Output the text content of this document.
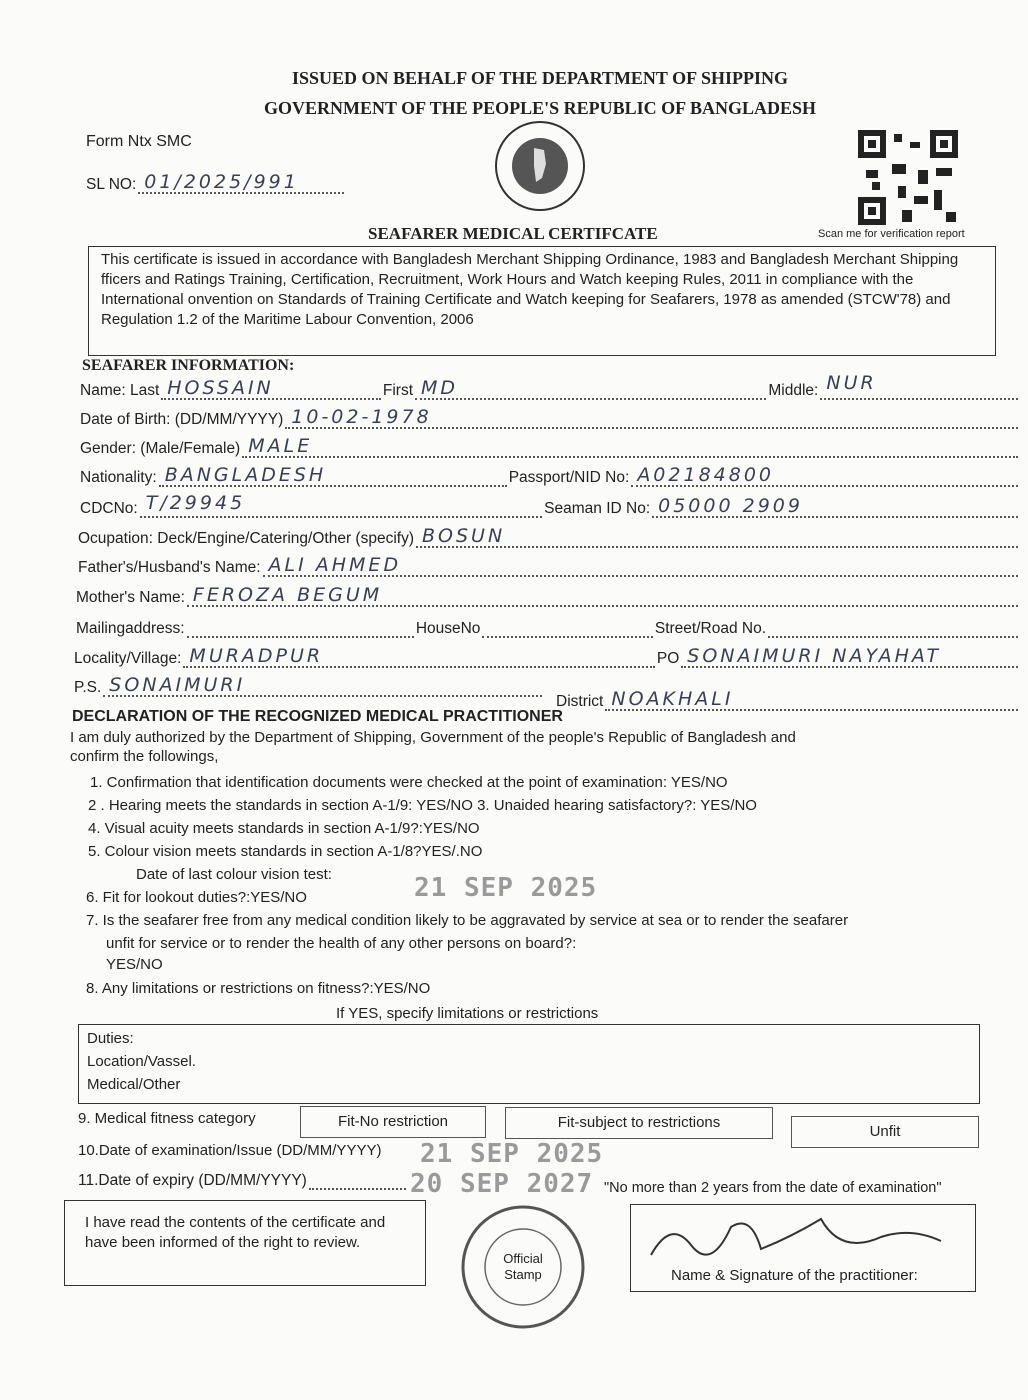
ISSUED ON BEHALF OF THE DEPARTMENT OF SHIPPING
GOVERNMENT OF THE PEOPLE'S REPUBLIC OF BANGLADESH
Form Ntx SMC
SL NO: 01/2025/991
Scan me for verification report
SEAFARER MEDICAL CERTIFCATE
This certificate is issued in accordance with Bangladesh Merchant Shipping Ordinance, 1983 and Bangladesh Merchant Shipping fficers and Ratings Training, Certification, Recruitment, Work Hours and Watch keeping Rules, 2011 in compliance with the International onvention on Standards of Training Certificate and Watch keeping for Seafarers, 1978 as amended (STCW'78) and Regulation 1.2 of the Maritime Labour Convention, 2006
SEAFARER INFORMATION:
Name: Last HOSSAIN	First MD	Middle: NUR
Date of Birth: (DD/MM/YYYY) 10-02-1978
Gender: (Male/Female) MALE
Nationality: BANGLADESH	Passport/NID No: A02184800
CDCNo: T/29945	Seaman ID No: 05000 2909
Ocupation: Deck/Engine/Catering/Other (specify) BOSUN
Father's/Husband's Name: ALI AHMED
Mother's Name: FEROZA BEGUM
Mailingaddress:	HouseNo	Street/Road No.
Locality/Village: MURADPUR	PO SONAIMURI NAYAHAT
P.S. SONAIMURI
District NOAKHALI
DECLARATION OF THE RECOGNIZED MEDICAL PRACTITIONER
I am duly authorized by the Department of Shipping, Government of the people's Republic of Bangladesh and
confirm the followings,
1. Confirmation that identification documents were checked at the point of examination: YES/NO
2 . Hearing meets the standards in section A-1/9: YES/NO 3. Unaided hearing satisfactory?: YES/NO
4. Visual acuity meets standards in section A-1/9?:YES/NO
5. Colour vision meets standards in section A-1/8?YES/.NO
Date of last colour vision test:
6. Fit for lookout duties?:YES/NO	21 SEP 2025
7. Is the seafarer free from any medical condition likely to be aggravated by service at sea or to render the seafarer
unfit for service or to render the health of any other persons on board?:
YES/NO
8. Any limitations or restrictions on fitness?:YES/NO
If YES, specify limitations or restrictions
Duties:
Location/Vassel.
Medical/Other
9. Medical fitness category	Fit-No restriction	Fit-subject to restrictions
Unfit
10.Date of examination/Issue (DD/MM/YYYY) 21 SEP 2025
11.Date of expiry (DD/MM/YYYY)	20 SEP 2027 "No more than 2 years from the date of examination"
I have read the contents of the certificate and have been informed of the right to review.
Official Stamp	Name & Signature of the practitioner:
